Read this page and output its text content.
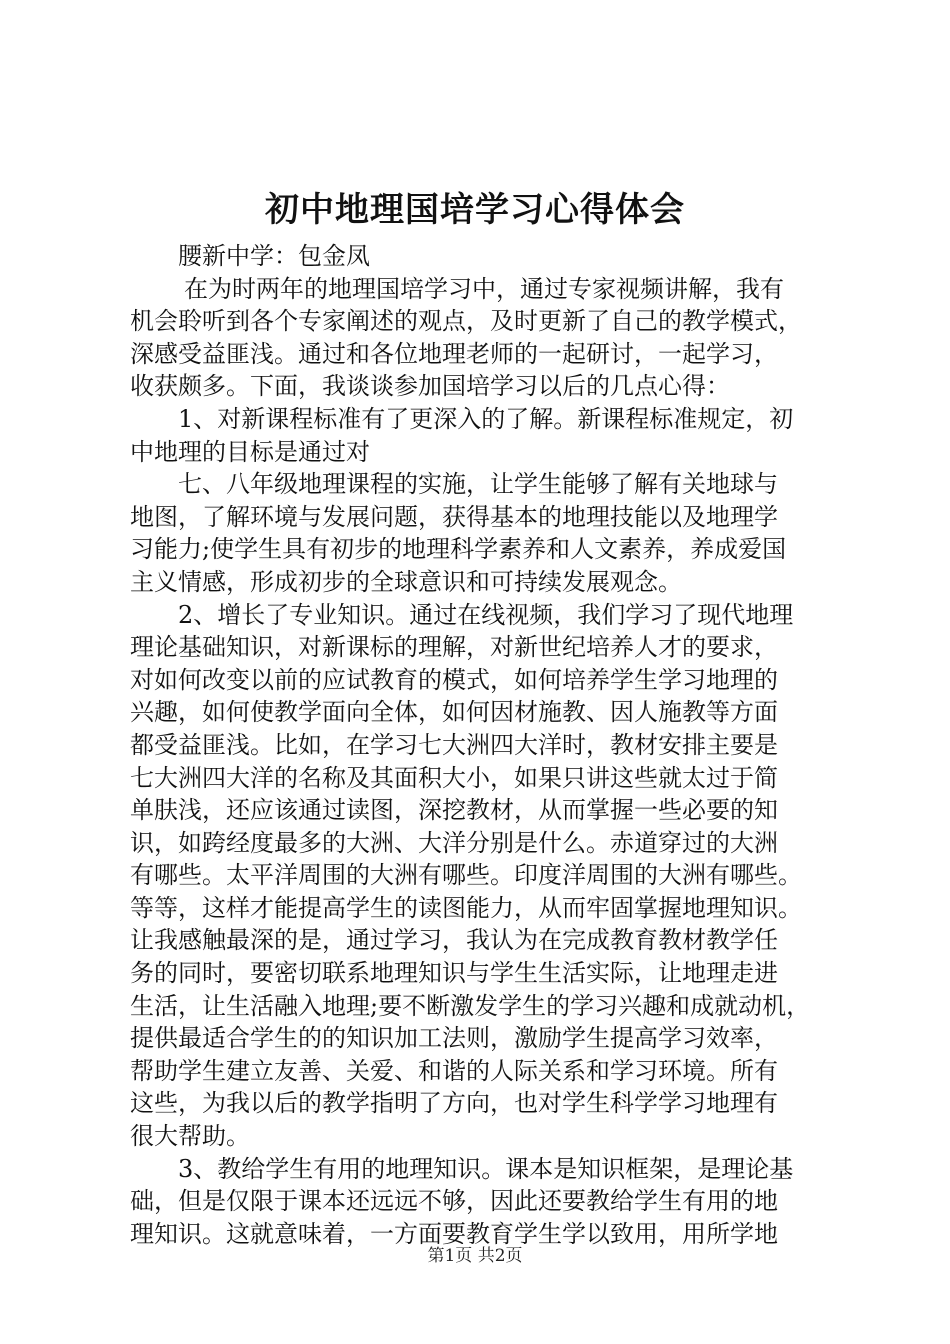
初中地理国培学习心得体会
腰新中学：包金凤
在为时两年的地理国培学习中，通过专家视频讲解，我有
机会聆听到各个专家阐述的观点，及时更新了自己的教学模式，
深感受益匪浅。通过和各位地理老师的一起研讨，一起学习，
收获颇多。下面，我谈谈参加国培学习以后的几点心得：
1、对新课程标准有了更深入的了解。新课程标准规定，初
中地理的目标是通过对
七、八年级地理课程的实施，让学生能够了解有关地球与
地图，了解环境与发展问题，获得基本的地理技能以及地理学
习能力;使学生具有初步的地理科学素养和人文素养，养成爱国
主义情感，形成初步的全球意识和可持续发展观念。
2、增长了专业知识。通过在线视频，我们学习了现代地理
理论基础知识，对新课标的理解，对新世纪培养人才的要求，
对如何改变以前的应试教育的模式，如何培养学生学习地理的
兴趣，如何使教学面向全体，如何因材施教、因人施教等方面
都受益匪浅。比如，在学习七大洲四大洋时，教材安排主要是
七大洲四大洋的名称及其面积大小，如果只讲这些就太过于简
单肤浅，还应该通过读图，深挖教材，从而掌握一些必要的知
识，如跨经度最多的大洲、大洋分别是什么。赤道穿过的大洲
有哪些。太平洋周围的大洲有哪些。印度洋周围的大洲有哪些。
等等，这样才能提高学生的读图能力，从而牢固掌握地理知识。
让我感触最深的是，通过学习，我认为在完成教育教材教学任
务的同时，要密切联系地理知识与学生生活实际，让地理走进
生活，让生活融入地理;要不断激发学生的学习兴趣和成就动机，
提供最适合学生的的知识加工法则，激励学生提高学习效率，
帮助学生建立友善、关爱、和谐的人际关系和学习环境。所有
这些，为我以后的教学指明了方向，也对学生科学学习地理有
很大帮助。
3、教给学生有用的地理知识。课本是知识框架，是理论基
础，但是仅限于课本还远远不够，因此还要教给学生有用的地
理知识。这就意味着，一方面要教育学生学以致用，用所学地
第1页 共2页
